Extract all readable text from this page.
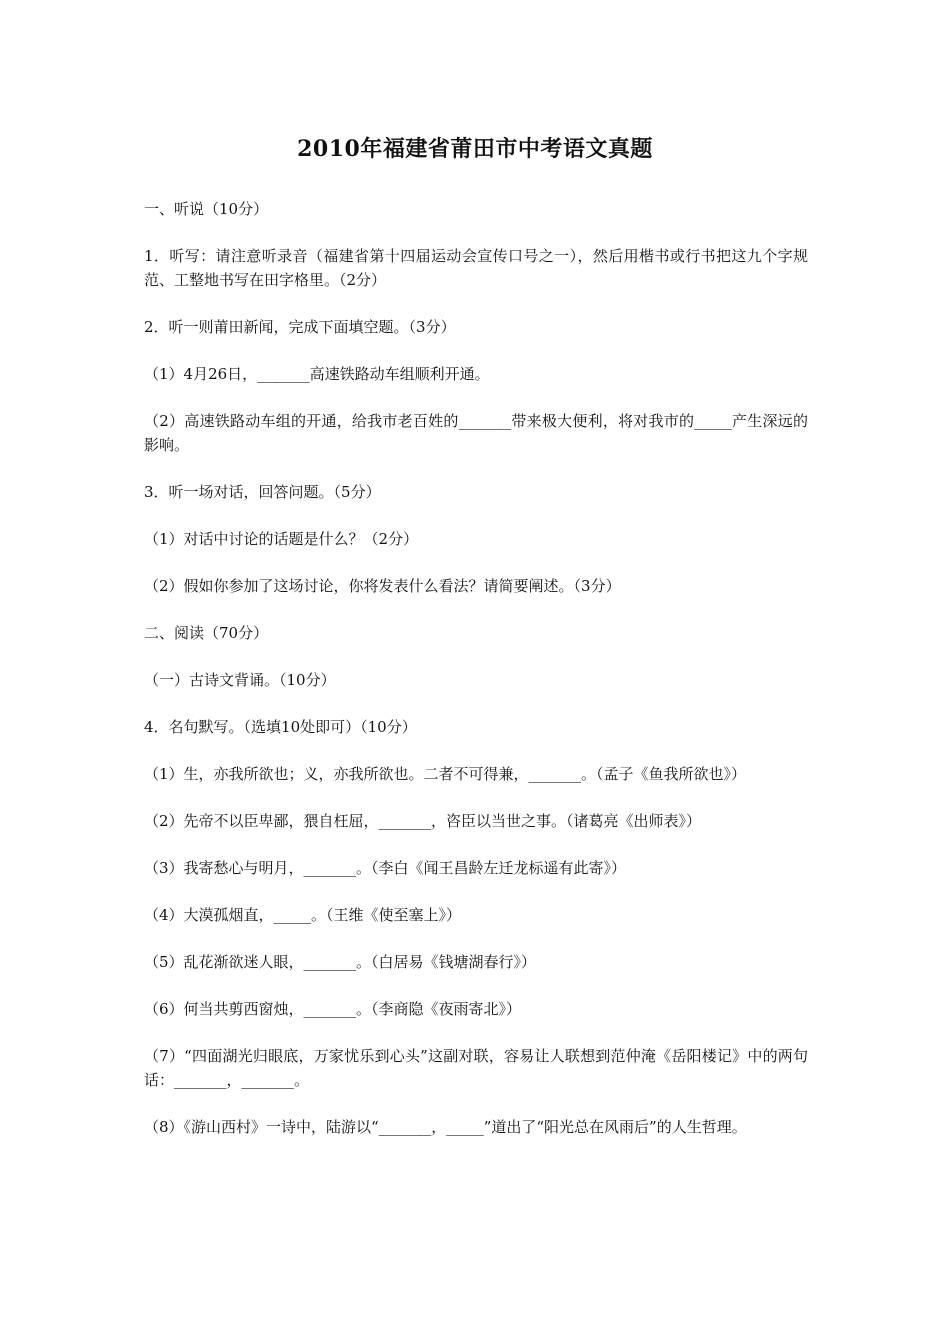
2010年福建省莆田市中考语文真题

一、听说（10分）

1．听写：请注意听录音（福建省第十四届运动会宣传口号之一），然后用楷书或行书把这九个字规范、工整地书写在田字格里。（2分）

2．听一则莆田新闻，完成下面填空题。（3分）

（1）4月26日，_______高速铁路动车组顺利开通。

（2）高速铁路动车组的开通，给我市老百姓的_______带来极大便利，将对我市的_____产生深远的影响。

3．听一场对话，回答问题。（5分）

（1）对话中讨论的话题是什么？（2分）

（2）假如你参加了这场讨论，你将发表什么看法？请简要阐述。（3分）

二、阅读（70分）

（一）古诗文背诵。（10分）

4．名句默写。（选填10处即可）（10分）

（1）生，亦我所欲也；义，亦我所欲也。二者不可得兼，_______。（孟子《鱼我所欲也》）

（2）先帝不以臣卑鄙，猥自枉屈，_______，咨臣以当世之事。（诸葛亮《出师表》）

（3）我寄愁心与明月，_______。（李白《闻王昌龄左迁龙标遥有此寄》）

（4）大漠孤烟直，_____。（王维《使至塞上》）

（5）乱花渐欲迷人眼，_______。（白居易《钱塘湖春行》）

（6）何当共剪西窗烛，_______。（李商隐《夜雨寄北》）

（7）“四面湖光归眼底，万家忧乐到心头”这副对联，容易让人联想到范仲淹《岳阳楼记》中的两句话：_______，_______。

（8）《游山西村》一诗中，陆游以“_______，_____”道出了“阳光总在风雨后”的人生哲理。
